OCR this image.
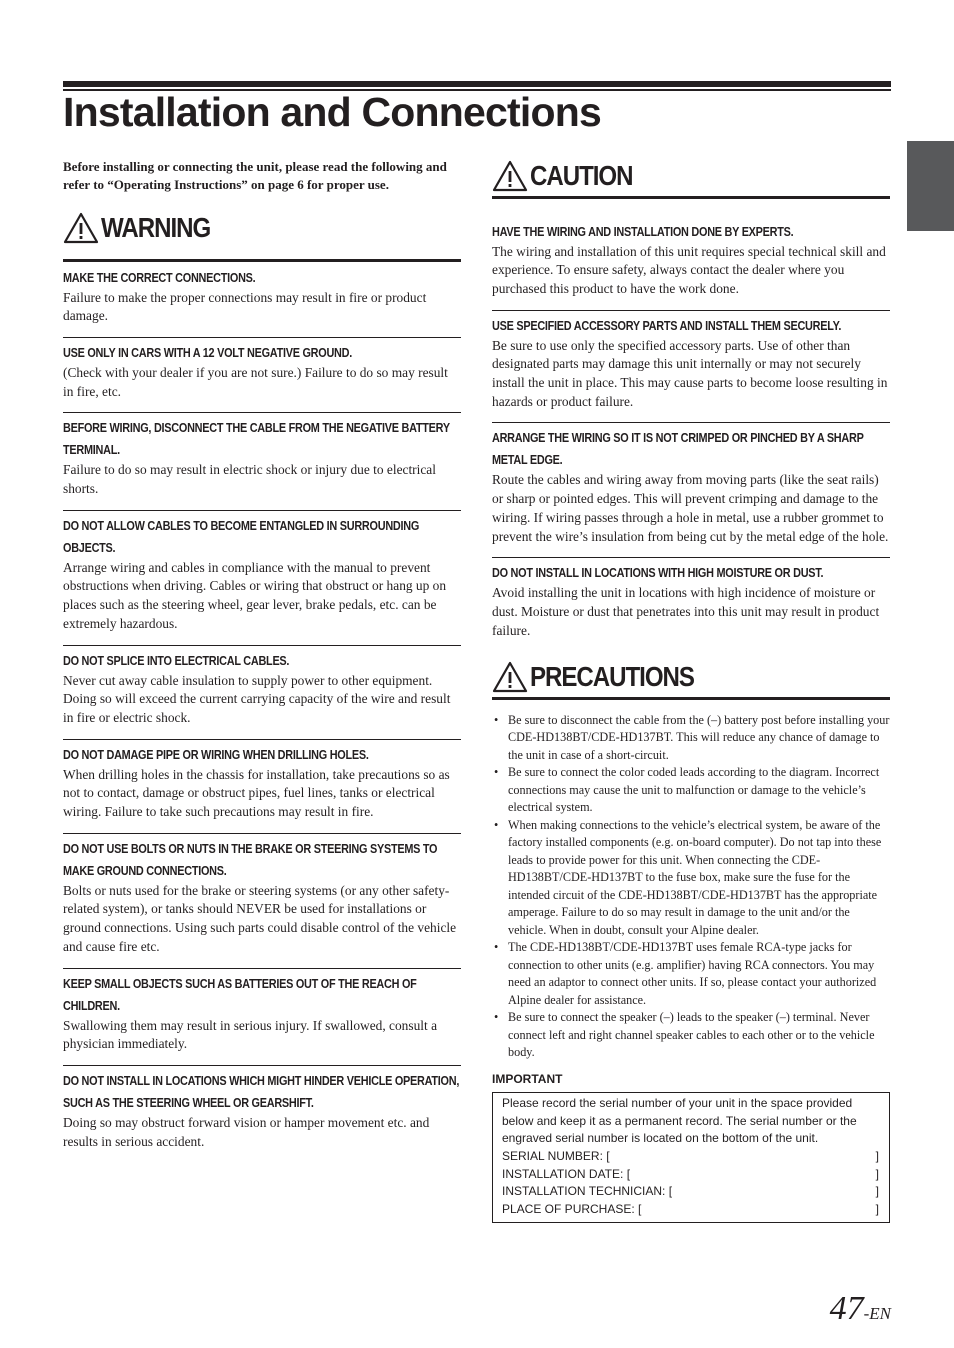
Installation and Connections

Before installing or connecting the unit, please read the following and refer to “Operating Instructions” on page 6 for proper use.

WARNING
MAKE THE CORRECT CONNECTIONS.
Failure to make the proper connections may result in fire or product damage.
USE ONLY IN CARS WITH A 12 VOLT NEGATIVE GROUND.
(Check with your dealer if you are not sure.) Failure to do so may result in fire, etc.
BEFORE WIRING, DISCONNECT THE CABLE FROM THE NEGATIVE BATTERY TERMINAL.
Failure to do so may result in electric shock or injury due to electrical shorts.
DO NOT ALLOW CABLES TO BECOME ENTANGLED IN SURROUNDING OBJECTS.
Arrange wiring and cables in compliance with the manual to prevent obstructions when driving. Cables or wiring that obstruct or hang up on places such as the steering wheel, gear lever, brake pedals, etc. can be extremely hazardous.
DO NOT SPLICE INTO ELECTRICAL CABLES.
Never cut away cable insulation to supply power to other equipment. Doing so will exceed the current carrying capacity of the wire and result in fire or electric shock.
DO NOT DAMAGE PIPE OR WIRING WHEN DRILLING HOLES.
When drilling holes in the chassis for installation, take precautions so as not to contact, damage or obstruct pipes, fuel lines, tanks or electrical wiring. Failure to take such precautions may result in fire.
DO NOT USE BOLTS OR NUTS IN THE BRAKE OR STEERING SYSTEMS TO MAKE GROUND CONNECTIONS.
Bolts or nuts used for the brake or steering systems (or any other safety-related system), or tanks should NEVER be used for installations or ground connections. Using such parts could disable control of the vehicle and cause fire etc.
KEEP SMALL OBJECTS SUCH AS BATTERIES OUT OF THE REACH OF CHILDREN.
Swallowing them may result in serious injury. If swallowed, consult a physician immediately.
DO NOT INSTALL IN LOCATIONS WHICH MIGHT HINDER VEHICLE OPERATION, SUCH AS THE STEERING WHEEL OR GEARSHIFT.
Doing so may obstruct forward vision or hamper movement etc. and results in serious accident.
CAUTION
HAVE THE WIRING AND INSTALLATION DONE BY EXPERTS.
The wiring and installation of this unit requires special technical skill and experience. To ensure safety, always contact the dealer where you purchased this product to have the work done.
USE SPECIFIED ACCESSORY PARTS AND INSTALL THEM SECURELY.
Be sure to use only the specified accessory parts. Use of other than designated parts may damage this unit internally or may not securely install the unit in place. This may cause parts to become loose resulting in hazards or product failure.
ARRANGE THE WIRING SO IT IS NOT CRIMPED OR PINCHED BY A SHARP METAL EDGE.
Route the cables and wiring away from moving parts (like the seat rails) or sharp or pointed edges. This will prevent crimping and damage to the wiring. If wiring passes through a hole in metal, use a rubber grommet to prevent the wire’s insulation from being cut by the metal edge of the hole.
DO NOT INSTALL IN LOCATIONS WITH HIGH MOISTURE OR DUST.
Avoid installing the unit in locations with high incidence of moisture or dust. Moisture or dust that penetrates into this unit may result in product failure.
PRECAUTIONS
• Be sure to disconnect the cable from the (–) battery post before installing your CDE-HD138BT/CDE-HD137BT. This will reduce any chance of damage to the unit in case of a short-circuit.
• Be sure to connect the color coded leads according to the diagram. Incorrect connections may cause the unit to malfunction or damage to the vehicle’s electrical system.
• When making connections to the vehicle’s electrical system, be aware of the factory installed components (e.g. on-board computer). Do not tap into these leads to provide power for this unit. When connecting the CDE-HD138BT/CDE-HD137BT to the fuse box, make sure the fuse for the intended circuit of the CDE-HD138BT/CDE-HD137BT has the appropriate amperage. Failure to do so may result in damage to the unit and/or the vehicle. When in doubt, consult your Alpine dealer.
• The CDE-HD138BT/CDE-HD137BT uses female RCA-type jacks for connection to other units (e.g. amplifier) having RCA connectors. You may need an adaptor to connect other units. If so, please contact your authorized Alpine dealer for assistance.
• Be sure to connect the speaker (–) leads to the speaker (–) terminal. Never connect left and right channel speaker cables to each other or to the vehicle body.
IMPORTANT
Please record the serial number of your unit in the space provided below and keep it as a permanent record. The serial number or the engraved serial number is located on the bottom of the unit.
SERIAL NUMBER: [	]
INSTALLATION DATE: [	]
INSTALLATION TECHNICIAN: [	]
PLACE OF PURCHASE: [	]
47-EN
